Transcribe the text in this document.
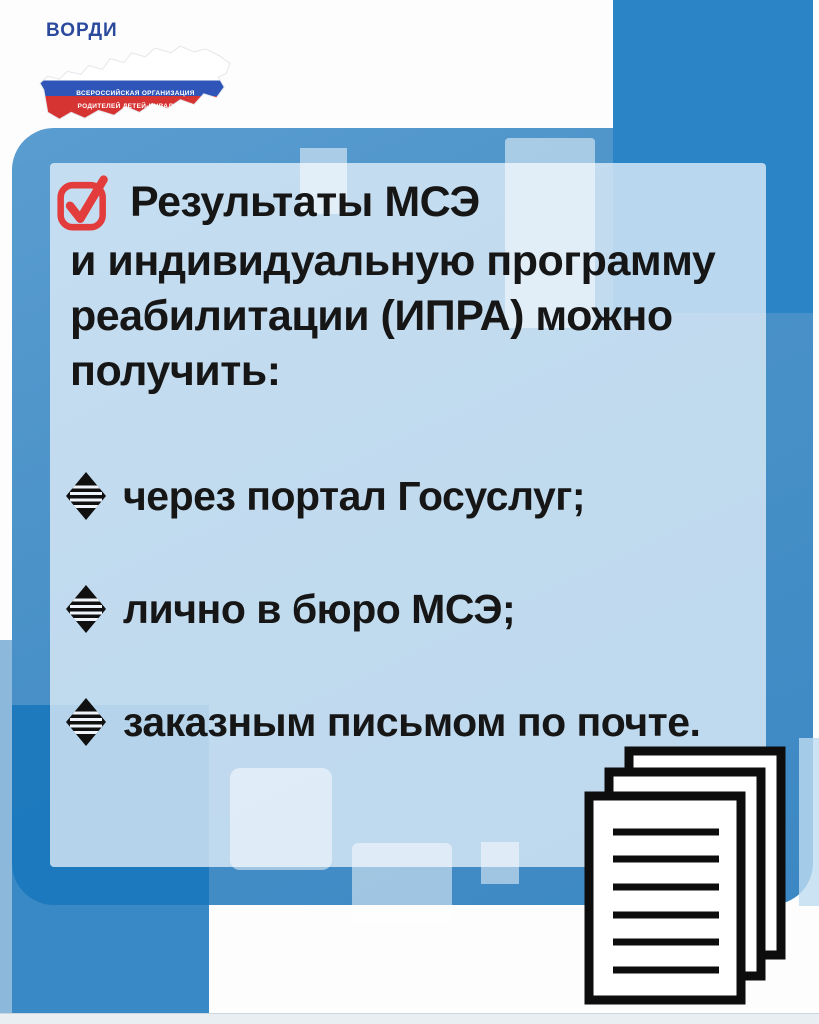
ВОРДИ
ВСЕРОССИЙСКАЯ ОРГАНИЗАЦИЯ
РОДИТЕЛЕЙ ДЕТЕЙ-ИНВАЛИДОВ
Результаты МСЭ
и индивидуальную программу
реабилитации (ИПРА) можно
получить:
через портал Госуслуг;
лично в бюро МСЭ;
заказным письмом по почте.
